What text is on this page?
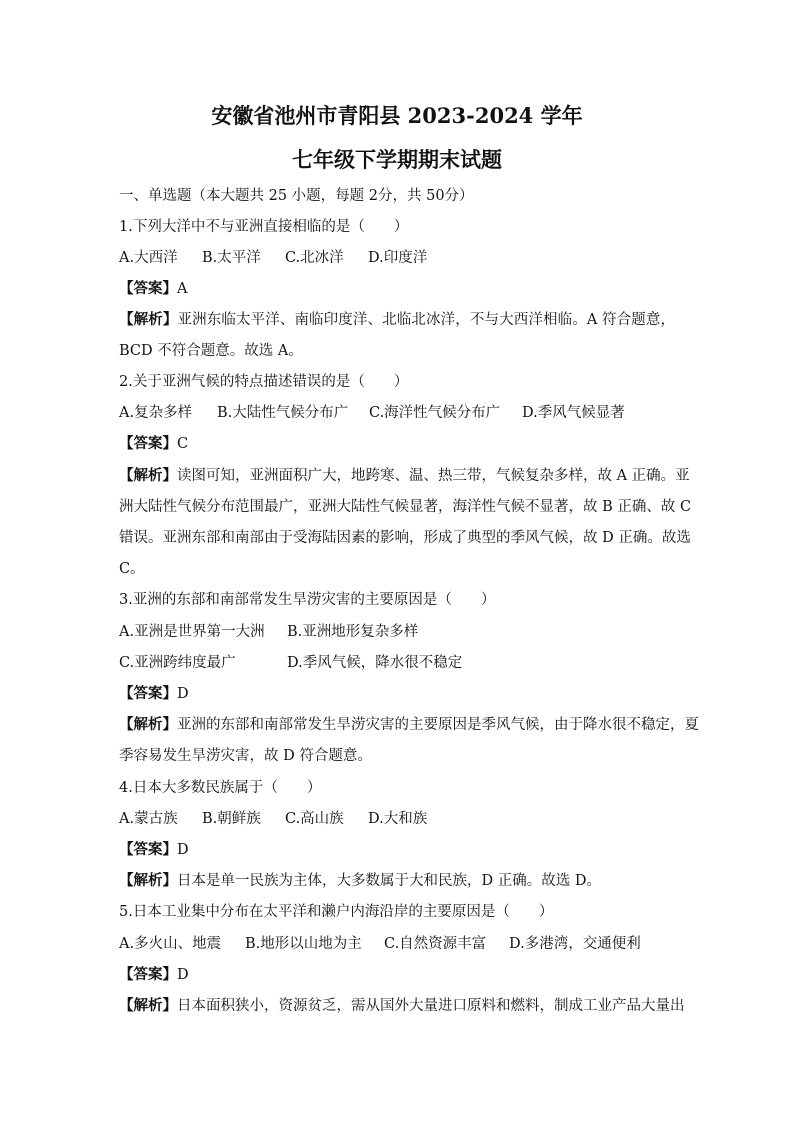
安徽省池州市青阳县 2023-2024 学年
七年级下学期期末试题
一、单选题（本大题共 25 小题，每题 2分，共 50分）
1.下列大洋中不与亚洲直接相临的是（　　）
A.大西洋 B.太平洋 C.北冰洋 D.印度洋
【答案】A
【解析】亚洲东临太平洋、南临印度洋、北临北冰洋，不与大西洋相临。A 符合题意，
BCD 不符合题意。故选 A。
2.关于亚洲气候的特点描述错误的是（　　）
A.复杂多样 B.大陆性气候分布广 C.海洋性气候分布广 D.季风气候显著
【答案】C
【解析】读图可知，亚洲面积广大，地跨寒、温、热三带，气候复杂多样，故 A 正确。亚
洲大陆性气候分布范围最广，亚洲大陆性气候显著，海洋性气候不显著，故 B 正确、故 C
错误。亚洲东部和南部由于受海陆因素的影响，形成了典型的季风气候，故 D 正确。故选
C。
3.亚洲的东部和南部常发生旱涝灾害的主要原因是（　　）
A.亚洲是世界第一大洲 B.亚洲地形复杂多样
C.亚洲跨纬度最广	D.季风气候，降水很不稳定
【答案】D
【解析】亚洲的东部和南部常发生旱涝灾害的主要原因是季风气候，由于降水很不稳定，夏
季容易发生旱涝灾害，故 D 符合题意。
4.日本大多数民族属于（　　）
A.蒙古族 B.朝鲜族 C.高山族 D.大和族
【答案】D
【解析】日本是单一民族为主体，大多数属于大和民族，D 正确。故选 D。
5.日本工业集中分布在太平洋和濑户内海沿岸的主要原因是（　　）
A.多火山、地震 B.地形以山地为主 C.自然资源丰富 D.多港湾，交通便利
【答案】D
【解析】日本面积狭小，资源贫乏，需从国外大量进口原料和燃料，制成工业产品大量出
